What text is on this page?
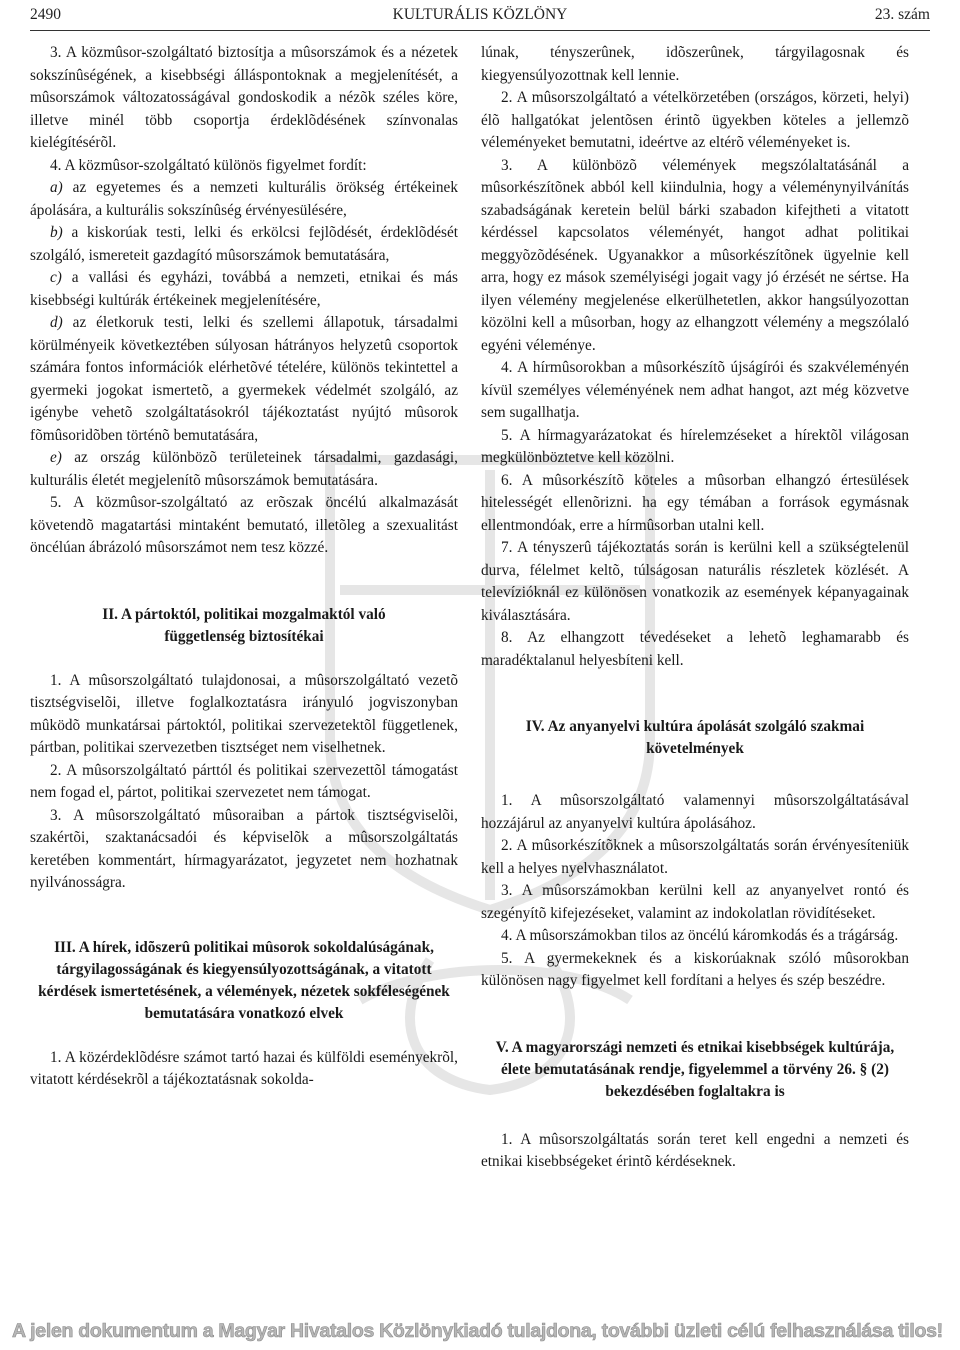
2490	KULTURÁLIS KÖZLÖNY	23. szám

3. A közmûsor-szolgáltató biztosítja a mûsorszámok és a nézetek sokszínûségének, a kisebbségi álláspontoknak a megjelenítését, a mûsorszámok változatosságával gondoskodik a nézõk széles köre, illetve minél több csoportja érdeklõdésének színvonalas kielégítésérõl.

4. A közmûsor-szolgáltató különös figyelmet fordít:

a) az egyetemes és a nemzeti kulturális örökség értékeinek ápolására, a kulturális sokszínûség érvényesülésére,

b) a kiskorúak testi, lelki és erkölcsi fejlõdését, érdeklõdését szolgáló, ismereteit gazdagító mûsorszámok bemutatására,

c) a vallási és egyházi, továbbá a nemzeti, etnikai és más kisebbségi kultúrák értékeinek megjelenítésére,

d) az életkoruk testi, lelki és szellemi állapotuk, társadalmi körülményeik következtében súlyosan hátrányos helyzetû csoportok számára fontos információk elérhetõvé tételére, különös tekintettel a gyermeki jogokat ismertetõ, a gyermekek védelmét szolgáló, az igénybe vehetõ szolgáltatásokról tájékoztatást nyújtó mûsorok fõmûsoridõben történõ bemutatására,

e) az ország különbözõ területeinek társadalmi, gazdasági, kulturális életét megjelenítõ mûsorszámok bemutatására.

5. A közmûsor-szolgáltató az erõszak öncélú alkalmazását követendõ magatartási mintaként bemutató, illetõleg a szexualitást öncélúan ábrázoló mûsorszámot nem tesz közzé.

II. A pártoktól, politikai mozgalmaktól való függetlenség biztosítékai

1. A mûsorszolgáltató tulajdonosai, a mûsorszolgáltató vezetõ tisztségviselõi, illetve foglalkoztatásra irányuló jogviszonyban mûködõ munkatársai pártoktól, politikai szervezetektõl függetlenek, pártban, politikai szervezetben tisztséget nem viselhetnek.

2. A mûsorszolgáltató párttól és politikai szervezettõl támogatást nem fogad el, pártot, politikai szervezetet nem támogat.

3. A mûsorszolgáltató mûsoraiban a pártok tisztségviselõi, szakértõi, szaktanácsadói és képviselõk a mûsorszolgáltatás keretében kommentárt, hírmagyarázatot, jegyzetet nem hozhatnak nyilvánosságra.

III. A hírek, idõszerû politikai mûsorok sokoldalúságának, tárgyilagosságának és kiegyensúlyozottságának, a vitatott kérdések ismertetésének, a vélemények, nézetek sokféleségének bemutatására vonatkozó elvek

1. A közérdeklõdésre számot tartó hazai és külföldi eseményekrõl, vitatott kérdésekrõl a tájékoztatásnak sokolda-

lúnak, tényszerûnek, idõszerûnek, tárgyilagosnak és kiegyensúlyozottnak kell lennie.

2. A mûsorszolgáltató a vételkörzetében (országos, körzeti, helyi) élõ hallgatókat jelentõsen érintõ ügyekben köteles a jellemzõ véleményeket bemutatni, ideértve az eltérõ véleményeket is.

3. A különbözõ vélemények megszólaltatásánál a mûsorkészítõnek abból kell kiindulnia, hogy a véleménynyilvánítás szabadságának keretein belül bárki szabadon kifejtheti a vitatott kérdéssel kapcsolatos véleményét, hangot adhat politikai meggyõzõdésének. Ugyanakkor a mûsorkészítõnek ügyelnie kell arra, hogy ez mások személyiségi jogait vagy jó érzését ne sértse. Ha ilyen vélemény megjelenése elkerülhetetlen, akkor hangsúlyozottan közölni kell a mûsorban, hogy az elhangzott vélemény a megszólaló egyéni véleménye.

4. A hírmûsorokban a mûsorkészítõ újságírói és szakvéleményén kívül személyes véleményének nem adhat hangot, azt még közvetve sem sugallhatja.

5. A hírmagyarázatokat és hírelemzéseket a hírektõl világosan megkülönböztetve kell közölni.

6. A mûsorkészítõ köteles a mûsorban elhangzó értesülések hitelességét ellenõrizni. ha egy témában a források egymásnak ellentmondóak, erre a hírmûsorban utalni kell.

7. A tényszerû tájékoztatás során is kerülni kell a szükségtelenül durva, félelmet keltõ, túlságosan naturális részletek közlését. A televízióknál ez különösen vonatkozik az események képanyagainak kiválasztására.

8. Az elhangzott tévedéseket a lehetõ leghamarabb és maradéktalanul helyesbíteni kell.

IV. Az anyanyelvi kultúra ápolását szolgáló szakmai követelmények

1. A mûsorszolgáltató valamennyi mûsorszolgáltatásával hozzájárul az anyanyelvi kultúra ápolásához.

2. A mûsorkészítõknek a mûsorszolgáltatás során érvényesíteniük kell a helyes nyelvhasználatot.

3. A mûsorszámokban kerülni kell az anyanyelvet rontó és szegényítõ kifejezéseket, valamint az indokolatlan rövidítéseket.

4. A mûsorszámokban tilos az öncélú káromkodás és a trágárság.

5. A gyermekeknek és a kiskorúaknak szóló mûsorokban különösen nagy figyelmet kell fordítani a helyes és szép beszédre.

V. A magyarországi nemzeti és etnikai kisebbségek kultúrája, élete bemutatásának rendje, figyelemmel a törvény 26. § (2) bekezdésében foglaltakra is

1. A mûsorszolgáltatás során teret kell engedni a nemzeti és etnikai kisebbségeket érintõ kérdéseknek.

A jelen dokumentum a Magyar Hivatalos Közlönykiadó tulajdona, további üzleti célú felhasználása tilos!
